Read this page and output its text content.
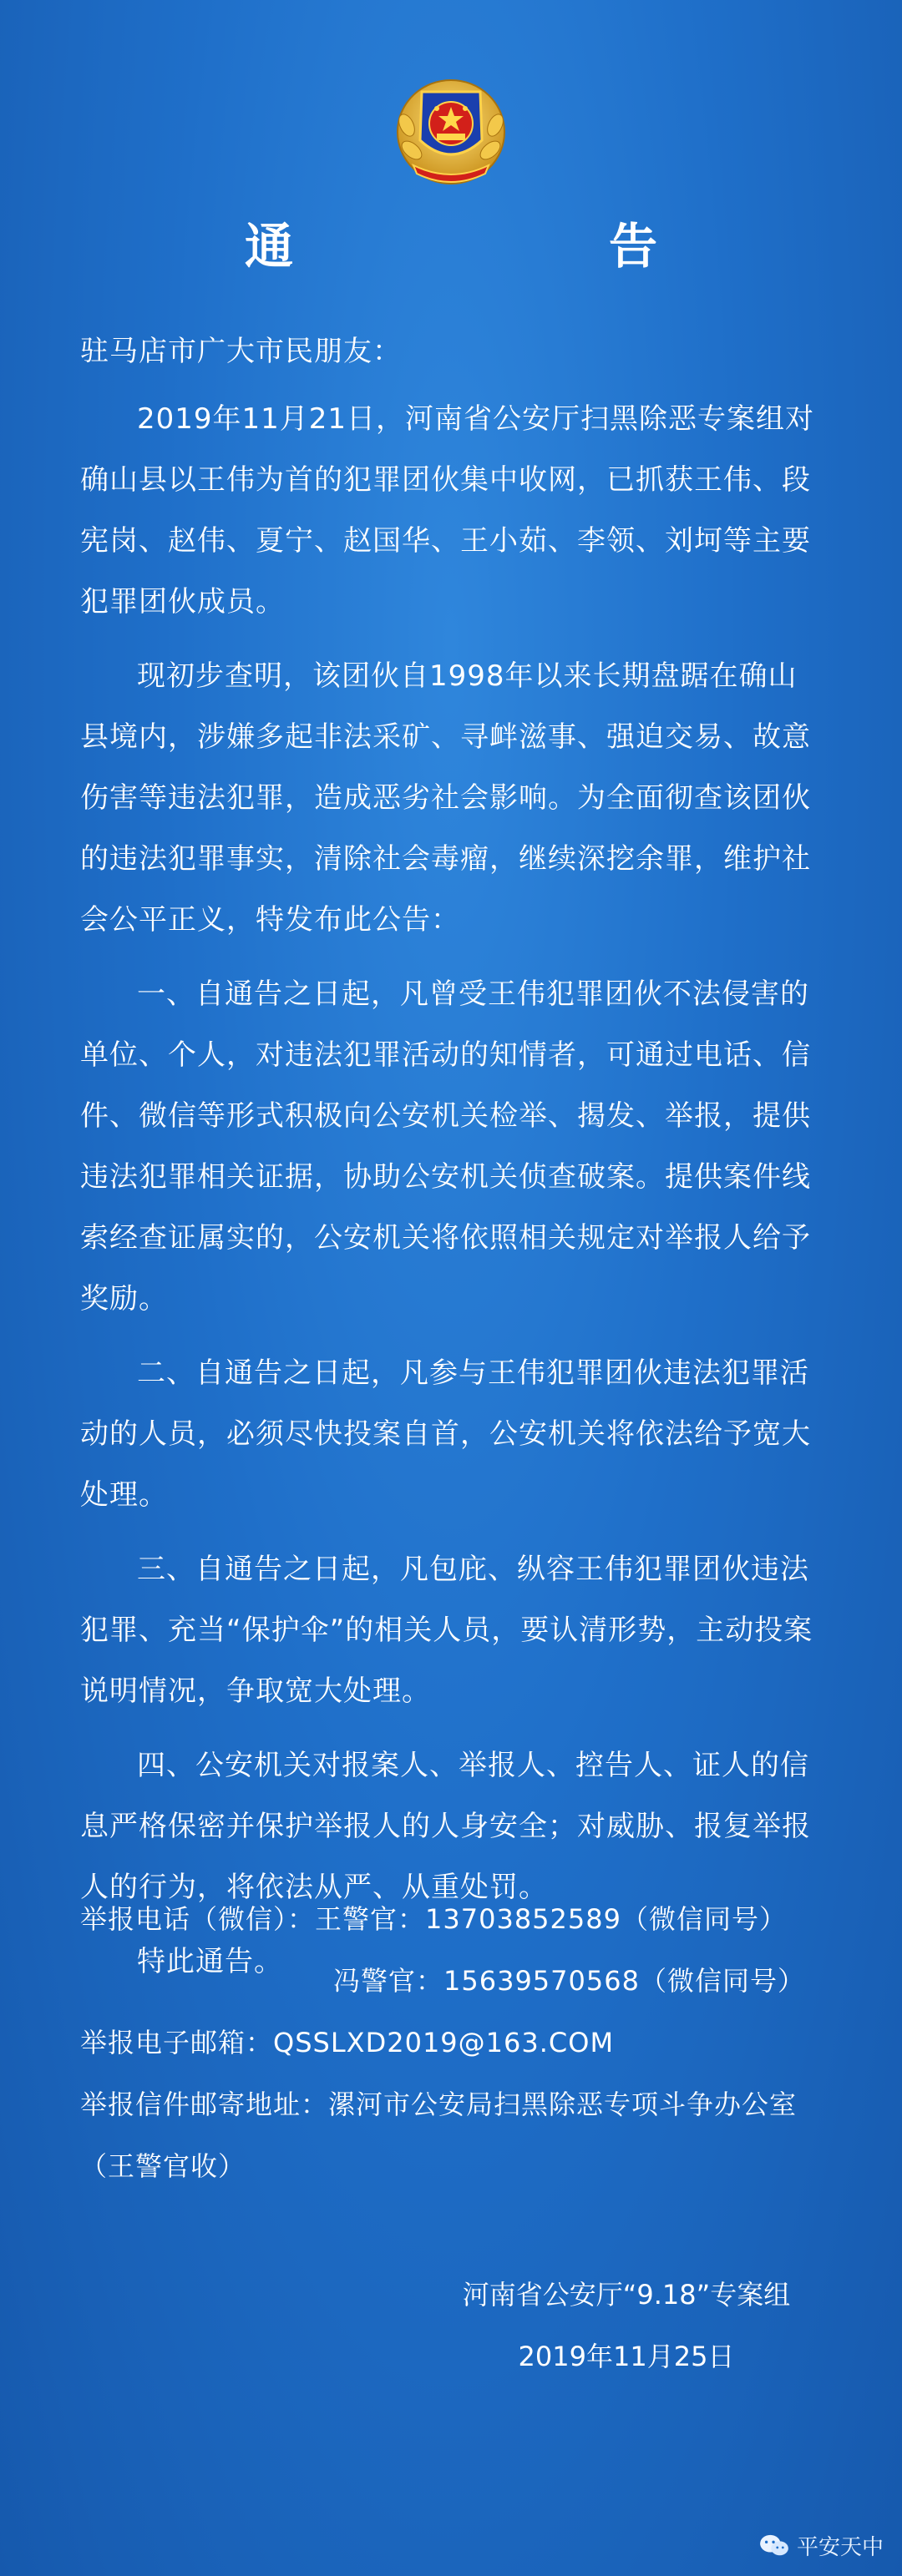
通　告

驻马店市广大市民朋友：

2019年11月21日，河南省公安厅扫黑除恶专案组对确山县以王伟为首的犯罪团伙集中收网，已抓获王伟、段宪岗、赵伟、夏宁、赵国华、王小茹、李领、刘坷等主要犯罪团伙成员。

现初步查明，该团伙自1998年以来长期盘踞在确山县境内，涉嫌多起非法采矿、寻衅滋事、强迫交易、故意伤害等违法犯罪，造成恶劣社会影响。为全面彻查该团伙的违法犯罪事实，清除社会毒瘤，继续深挖余罪，维护社会公平正义，特发布此公告：

一、自通告之日起，凡曾受王伟犯罪团伙不法侵害的单位、个人，对违法犯罪活动的知情者，可通过电话、信件、微信等形式积极向公安机关检举、揭发、举报，提供违法犯罪相关证据，协助公安机关侦查破案。提供案件线索经查证属实的，公安机关将依照相关规定对举报人给予奖励。

二、自通告之日起，凡参与王伟犯罪团伙违法犯罪活动的人员，必须尽快投案自首，公安机关将依法给予宽大处理。

三、自通告之日起，凡包庇、纵容王伟犯罪团伙违法犯罪、充当“保护伞”的相关人员，要认清形势，主动投案说明情况，争取宽大处理。

四、公安机关对报案人、举报人、控告人、证人的信息严格保密并保护举报人的人身安全；对威胁、报复举报人的行为，将依法从严、从重处罚。

特此通告。

举报电话（微信）：王警官：13703852589（微信同号）
冯警官：15639570568（微信同号）
举报电子邮箱：QSSLXD2019@163.COM
举报信件邮寄地址：漯河市公安局扫黑除恶专项斗争办公室
（王警官收）
河南省公安厅“9.18”专案组
2019年11月25日
平安天中
